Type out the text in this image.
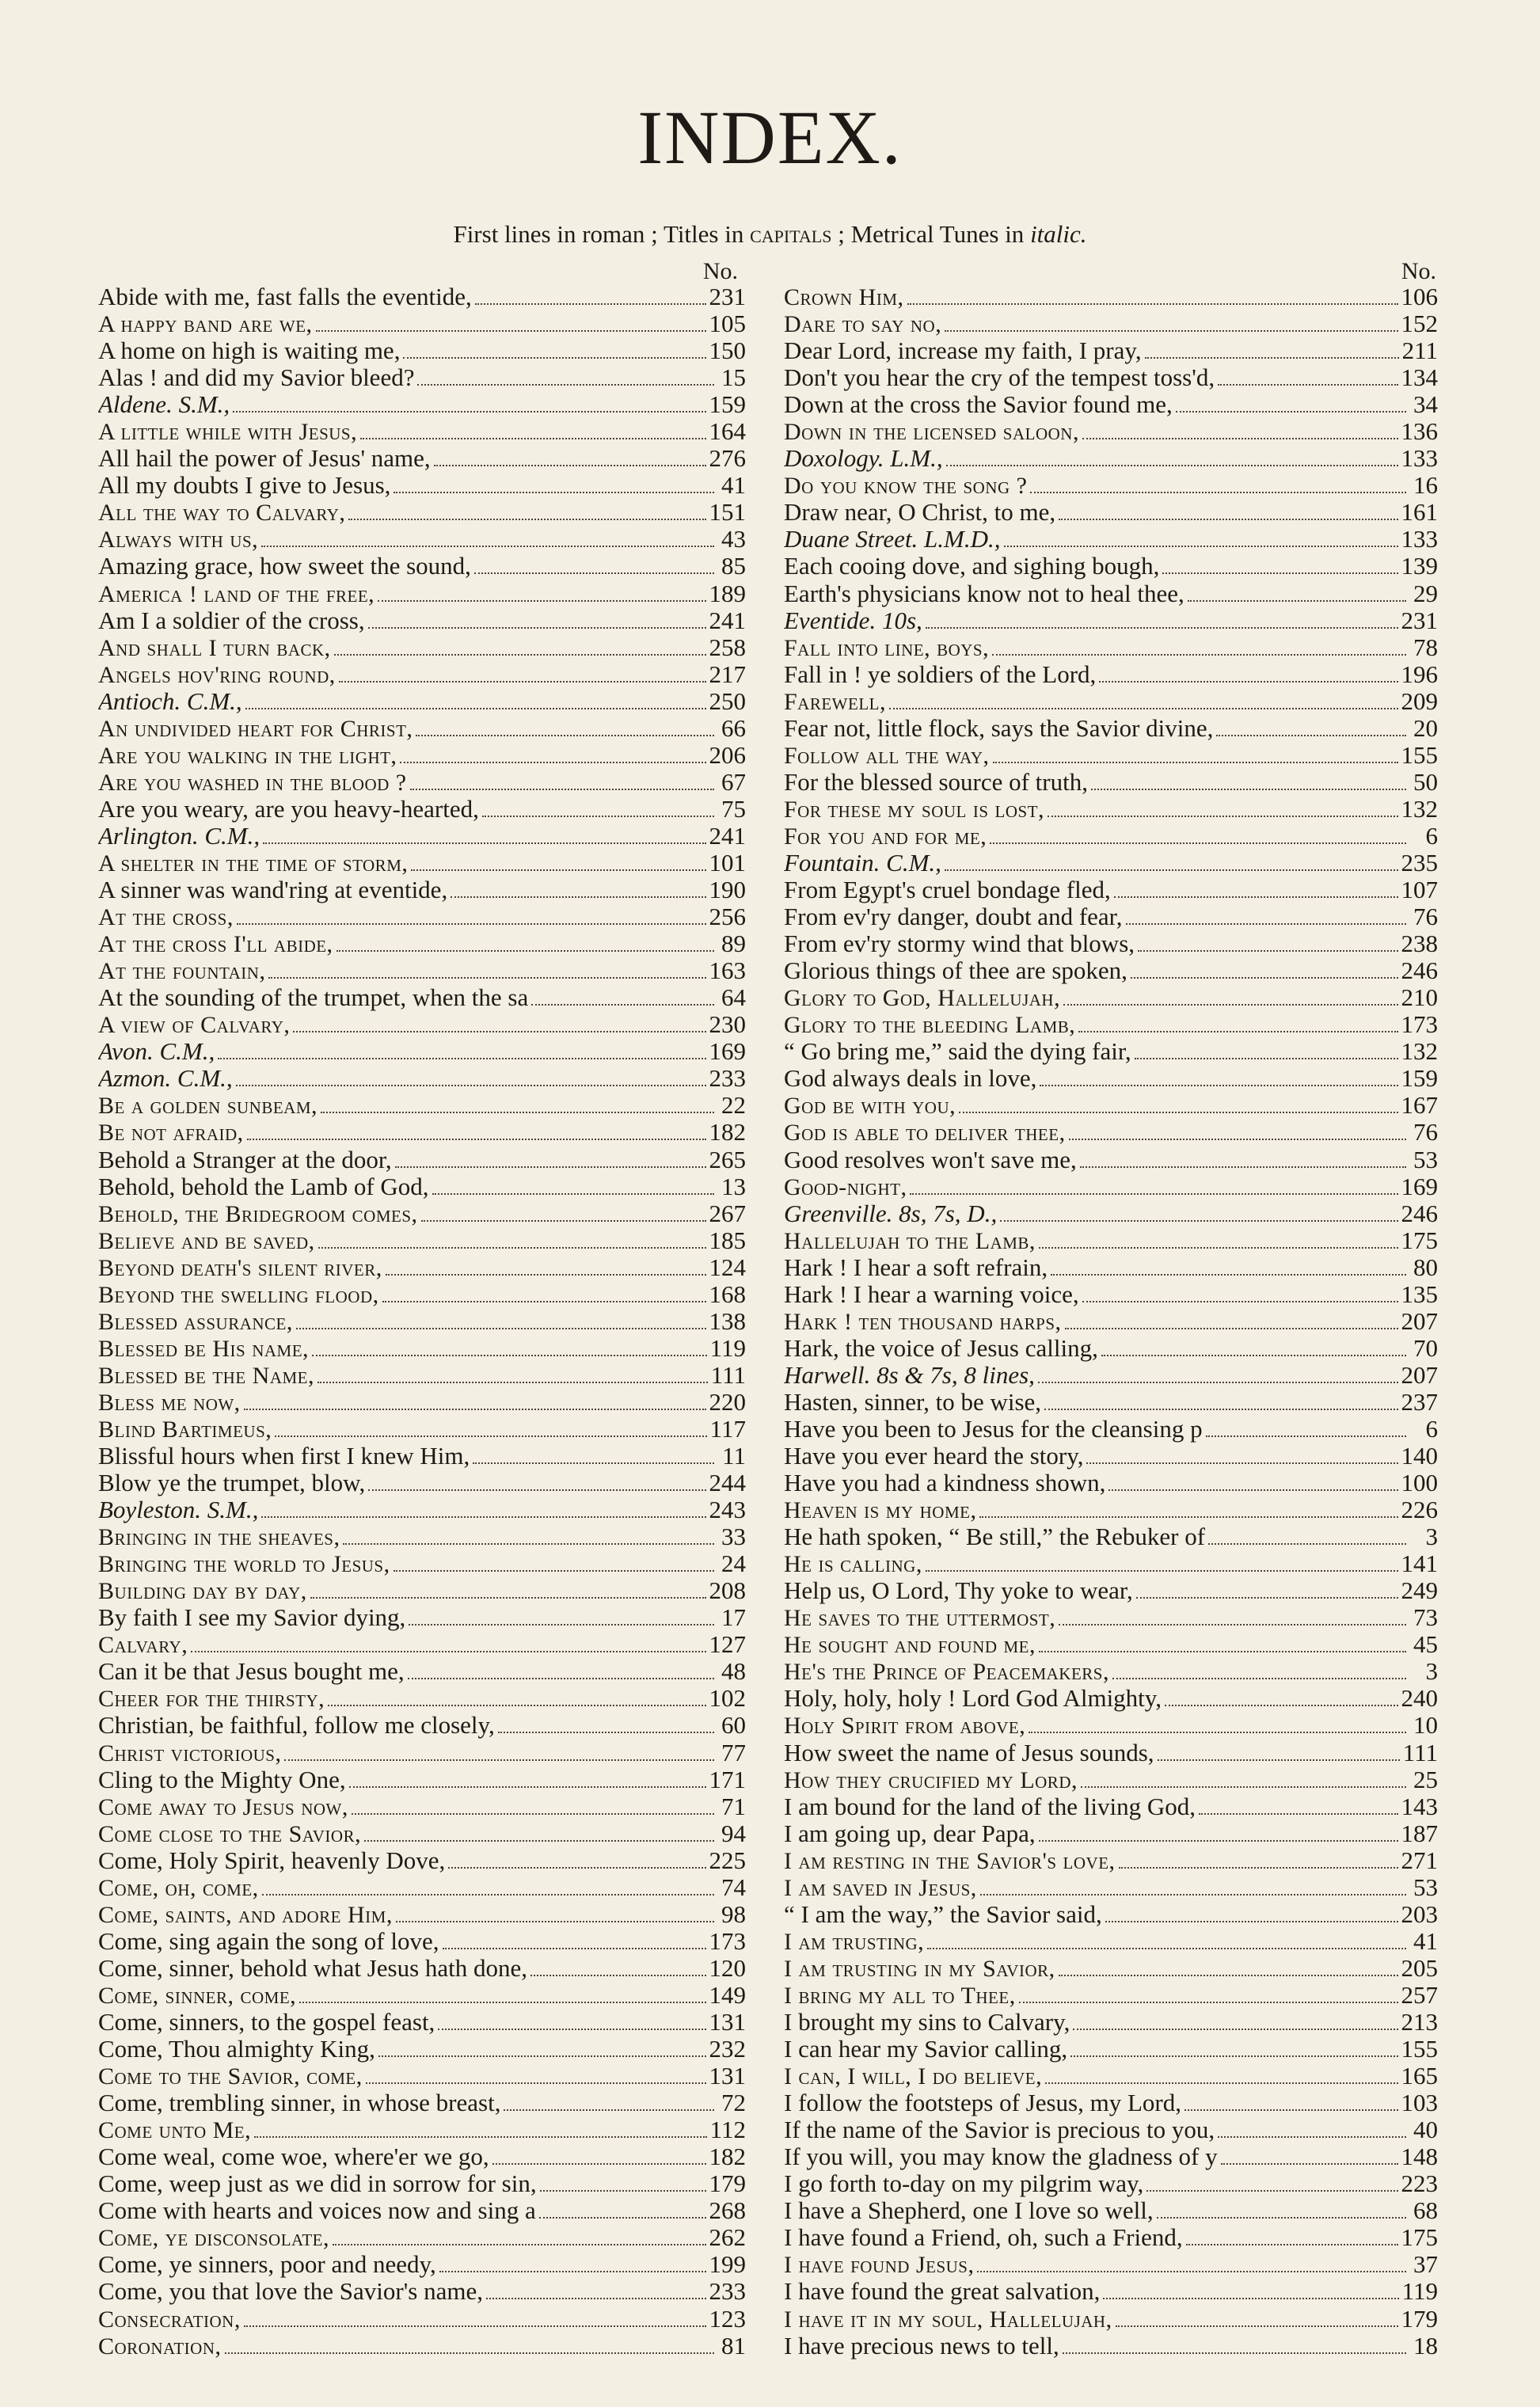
INDEX.
First lines in roman ; Titles in capitals ; Metrical Tunes in italic.
No.
Abide with me, fast falls the eventide,	231
A happy band are we,	105
A home on high is waiting me,	150
Alas ! and did my Savior bleed?	15
Aldene. S.M.,	159
A little while with Jesus,	164
All hail the power of Jesus' name,	276
All my doubts I give to Jesus,	41
All the way to Calvary,	151
Always with us,	43
Amazing grace, how sweet the sound,	85
America ! land of the free,	189
Am I a soldier of the cross,	241
And shall I turn back,	258
Angels hov'ring round,	217
Antioch. C.M.,	250
An undivided heart for Christ,	66
Are you walking in the light,	206
Are you washed in the blood ?	67
Are you weary, are you heavy-hearted,	75
Arlington. C.M.,	241
A shelter in the time of storm,	101
A sinner was wand'ring at eventide,	190
At the cross,	256
At the cross I'll abide,	89
At the fountain,	163
At the sounding of the trumpet, when the sa	64
A view of Calvary,	230
Avon. C.M.,	169
Azmon. C.M.,	233
Be a golden sunbeam,	22
Be not afraid,	182
Behold a Stranger at the door,	265
Behold, behold the Lamb of God,	13
Behold, the Bridegroom comes,	267
Believe and be saved,	185
Beyond death's silent river,	124
Beyond the swelling flood,	168
Blessed assurance,	138
Blessed be His name,	119
Blessed be the Name,	111
Bless me now,	220
Blind Bartimeus,	117
Blissful hours when first I knew Him,	11
Blow ye the trumpet, blow,	244
Boyleston. S.M.,	243
Bringing in the sheaves,	33
Bringing the world to Jesus,	24
Building day by day,	208
By faith I see my Savior dying,	17
Calvary,	127
Can it be that Jesus bought me,	48
Cheer for the thirsty,	102
Christian, be faithful, follow me closely,	60
Christ victorious,	77
Cling to the Mighty One,	171
Come away to Jesus now,	71
Come close to the Savior,	94
Come, Holy Spirit, heavenly Dove,	225
Come, oh, come,	74
Come, saints, and adore Him,	98
Come, sing again the song of love,	173
Come, sinner, behold what Jesus hath done,	120
Come, sinner, come,	149
Come, sinners, to the gospel feast,	131
Come, Thou almighty King,	232
Come to the Savior, come,	131
Come, trembling sinner, in whose breast,	72
Come unto Me,	112
Come weal, come woe, where'er we go,	182
Come, weep just as we did in sorrow for sin,	179
Come with hearts and voices now and sing a	268
Come, ye disconsolate,	262
Come, ye sinners, poor and needy,	199
Come, you that love the Savior's name,	233
Consecration,	123
Coronation,	81
No.
Crown Him,	106
Dare to say no,	152
Dear Lord, increase my faith, I pray,	211
Don't you hear the cry of the tempest toss'd,	134
Down at the cross the Savior found me,	34
Down in the licensed saloon,	136
Doxology. L.M.,	133
Do you know the song ?	16
Draw near, O Christ, to me,	161
Duane Street. L.M.D.,	133
Each cooing dove, and sighing bough,	139
Earth's physicians know not to heal thee,	29
Eventide. 10s,	231
Fall into line, boys,	78
Fall in ! ye soldiers of the Lord,	196
Farewell,	209
Fear not, little flock, says the Savior divine,	20
Follow all the way,	155
For the blessed source of truth,	50
For these my soul is lost,	132
For you and for me,	6
Fountain. C.M.,	235
From Egypt's cruel bondage fled,	107
From ev'ry danger, doubt and fear,	76
From ev'ry stormy wind that blows,	238
Glorious things of thee are spoken,	246
Glory to God, Hallelujah,	210
Glory to the bleeding Lamb,	173
“ Go bring me,” said the dying fair,	132
God always deals in love,	159
God be with you,	167
God is able to deliver thee,	76
Good resolves won't save me,	53
Good-night,	169
Greenville. 8s, 7s, D.,	246
Hallelujah to the Lamb,	175
Hark ! I hear a soft refrain,	80
Hark ! I hear a warning voice,	135
Hark ! ten thousand harps,	207
Hark, the voice of Jesus calling,	70
Harwell. 8s & 7s, 8 lines,	207
Hasten, sinner, to be wise,	237
Have you been to Jesus for the cleansing p	6
Have you ever heard the story,	140
Have you had a kindness shown,	100
Heaven is my home,	226
He hath spoken, “ Be still,” the Rebuker of	3
He is calling,	141
Help us, O Lord, Thy yoke to wear,	249
He saves to the uttermost,	73
He sought and found me,	45
He's the Prince of Peacemakers,	3
Holy, holy, holy ! Lord God Almighty,	240
Holy Spirit from above,	10
How sweet the name of Jesus sounds,	111
How they crucified my Lord,	25
I am bound for the land of the living God,	143
I am going up, dear Papa,	187
I am resting in the Savior's love,	271
I am saved in Jesus,	53
“ I am the way,” the Savior said,	203
I am trusting,	41
I am trusting in my Savior,	205
I bring my all to Thee,	257
I brought my sins to Calvary,	213
I can hear my Savior calling,	155
I can, I will, I do believe,	165
I follow the footsteps of Jesus, my Lord,	103
If the name of the Savior is precious to you,	40
If you will, you may know the gladness of y	148
I go forth to-day on my pilgrim way,	223
I have a Shepherd, one I love so well,	68
I have found a Friend, oh, such a Friend,	175
I have found Jesus,	37
I have found the great salvation,	119
I have it in my soul, Hallelujah,	179
I have precious news to tell,	18
